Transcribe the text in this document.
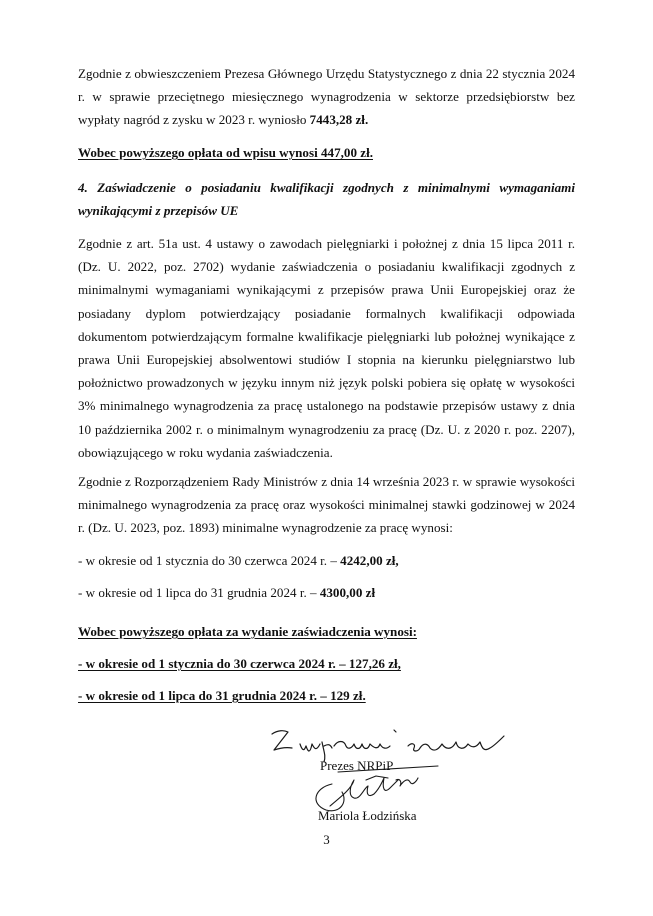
Zgodnie z obwieszczeniem Prezesa Głównego Urzędu Statystycznego z dnia 22 stycznia 2024 r. w sprawie przeciętnego miesięcznego wynagrodzenia w sektorze przedsiębiorstw bez wypłaty nagród z zysku w 2023 r. wyniosło 7443,28 zł.

Wobec powyższego opłata od wpisu wynosi 447,00 zł.

4. Zaświadczenie o posiadaniu kwalifikacji zgodnych z minimalnymi wymaganiami wynikającymi z przepisów UE

Zgodnie z art. 51a ust. 4 ustawy o zawodach pielęgniarki i położnej z dnia 15 lipca 2011 r. (Dz. U. 2022, poz. 2702) wydanie zaświadczenia o posiadaniu kwalifikacji zgodnych z minimalnymi wymaganiami wynikającymi z przepisów prawa Unii Europejskiej oraz że posiadany dyplom potwierdzający posiadanie formalnych kwalifikacji odpowiada dokumentom potwierdzającym formalne kwalifikacje pielęgniarki lub położnej wynikające z prawa Unii Europejskiej absolwentowi studiów I stopnia na kierunku pielęgniarstwo lub położnictwo prowadzonych w języku innym niż język polski pobiera się opłatę w wysokości 3% minimalnego wynagrodzenia za pracę ustalonego na podstawie przepisów ustawy z dnia 10 października 2002 r. o minimalnym wynagrodzeniu za pracę (Dz. U. z 2020 r. poz. 2207), obowiązującego w roku wydania zaświadczenia.

Zgodnie z Rozporządzeniem Rady Ministrów z dnia 14 września 2023 r. w sprawie wysokości minimalnego wynagrodzenia za pracę oraz wysokości minimalnej stawki godzinowej w 2024 r. (Dz. U. 2023, poz. 1893) minimalne wynagrodzenie za pracę wynosi:

- w okresie od 1 stycznia do 30 czerwca 2024 r. – 4242,00 zł,
- w okresie od 1 lipca do 31 grudnia 2024 r. – 4300,00 zł
Wobec powyższego opłata za wydanie zaświadczenia wynosi:
- w okresie od 1 stycznia do 30 czerwca 2024 r. – 127,26 zł,
- w okresie od 1 lipca do 31 grudnia 2024 r. – 129 zł.
Prezes NRPiP
Mariola Łodzińska
3
